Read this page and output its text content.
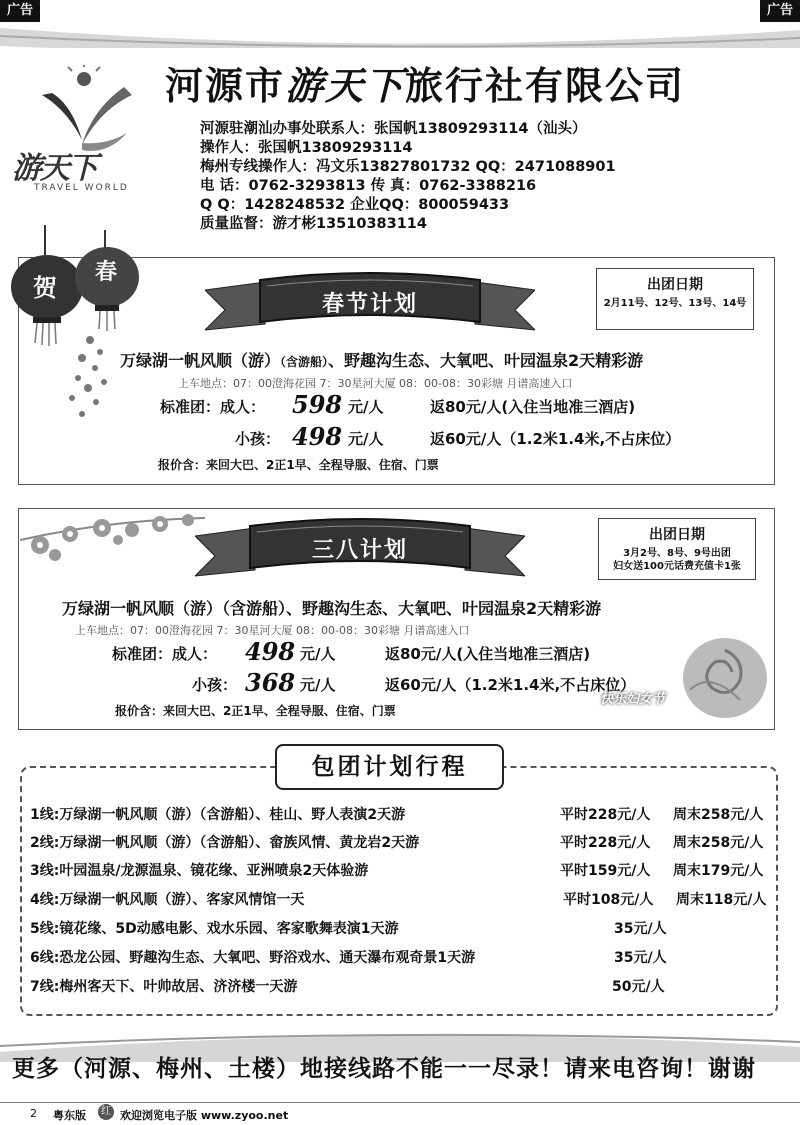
广告	广告
游天下
TRAVEL WORLD
河源市游天下旅行社有限公司
河源驻潮汕办事处联系人：张国帆13809293114（汕头）
操作人：张国帆13809293114
梅州专线操作人：冯文乐13827801732 QQ：2471088901
电 话：0762-3293813 传 真：0762-3388216
Q Q：1428248532 企业QQ：800059433
质量监督：游才彬13510383114
贺
春
春节计划
出团日期
2月11号、12号、13号、14号
万绿湖一帆风顺（游）（含游船）、野趣沟生态、大氧吧、叶园温泉2天精彩游
上车地点：07：00澄海花园 7：30星河大厦 08：00-08：30彩塘 月谱高速入口
标准团：成人： 598 元/人	返80元/人(入住当地准三酒店)
小孩： 498 元/人	返60元/人（1.2米1.4米,不占床位）
报价含：来回大巴、2正1早、全程导服、住宿、门票
三八计划
出团日期
3月2号、8号、9号出团
妇女送100元话费充值卡1张
万绿湖一帆风顺（游）（含游船）、野趣沟生态、大氧吧、叶园温泉2天精彩游
上车地点：07：00澄海花园 7：30星河大厦 08：00-08：30彩塘 月谱高速入口
标准团：成人： 498 元/人	返80元/人(入住当地准三酒店)
小孩： 368 元/人	返60元/人（1.2米1.4米,不占床位）
报价含：来回大巴、2正1早、全程导服、住宿、门票
快乐妇女节
包团计划行程
1线:万绿湖一帆风顺（游）（含游船）、桂山、野人表演2天游	平时228元/人 周末258元/人
2线:万绿湖一帆风顺（游）（含游船）、畲族风情、黄龙岩2天游	平时228元/人 周末258元/人
3线:叶园温泉/龙源温泉、镜花缘、亚洲喷泉2天体验游	平时159元/人 周末179元/人
4线:万绿湖一帆风顺（游）、客家风情馆一天	平时108元/人 周末118元/人
5线:镜花缘、5D动感电影、戏水乐园、客家歌舞表演1天游	35元/人
6线:恐龙公园、野趣沟生态、大氧吧、野浴戏水、通天瀑布观奇景1天游	35元/人
7线:梅州客天下、叶帅故居、济济楼一天游	50元/人
更多（河源、梅州、土楼）地接线路不能一一尽录！请来电咨询！谢谢
2 粤东版	红 欢迎浏览电子版 www.zyoo.net
